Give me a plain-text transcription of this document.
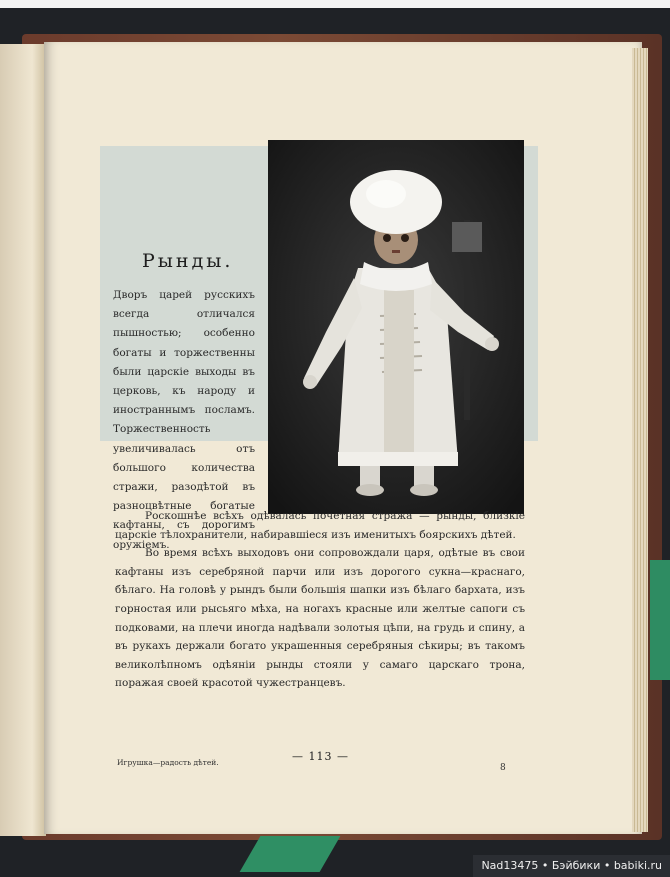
Рынды.
Дворъ царей русскихъ всегда отличался пышностью; особенно богаты и торжественны были царскіе выходы въ церковь, къ народу и иностраннымъ посламъ. Торжественность увеличивалась отъ большого количества стражи, разодѣтой въ разноцвѣтные богатые кафтаны, съ дорогимъ оружіемъ.

Роскошнѣе всѣхъ одѣвалась почетная стража — рынды, близкіе царскіе тѣлохранители, набиравшіеся изъ именитыхъ боярскихъ дѣтей.

Во время всѣхъ выходовъ они сопровождали царя, одѣтые въ свои кафтаны изъ серебряной парчи или изъ дорогого сукна—краснаго, бѣлаго. На головѣ у рындъ были большія шапки изъ бѣлаго бархата, изъ горностая или рысьяго мѣха, на ногахъ красные или желтые сапоги съ подковами, на плечи иногда надѣвали золотыя цѣпи, на грудь и спину, а въ рукахъ держали богато украшенныя серебряныя сѣкиры; въ такомъ великолѣпномъ одѣяніи рынды стояли у самаго царскаго трона, поражая своей красотой чужестранцевъ.

Игрушка—радость дѣтей.	— 113 —
8
Nad13475 • Бэйбики • babiki.ru
